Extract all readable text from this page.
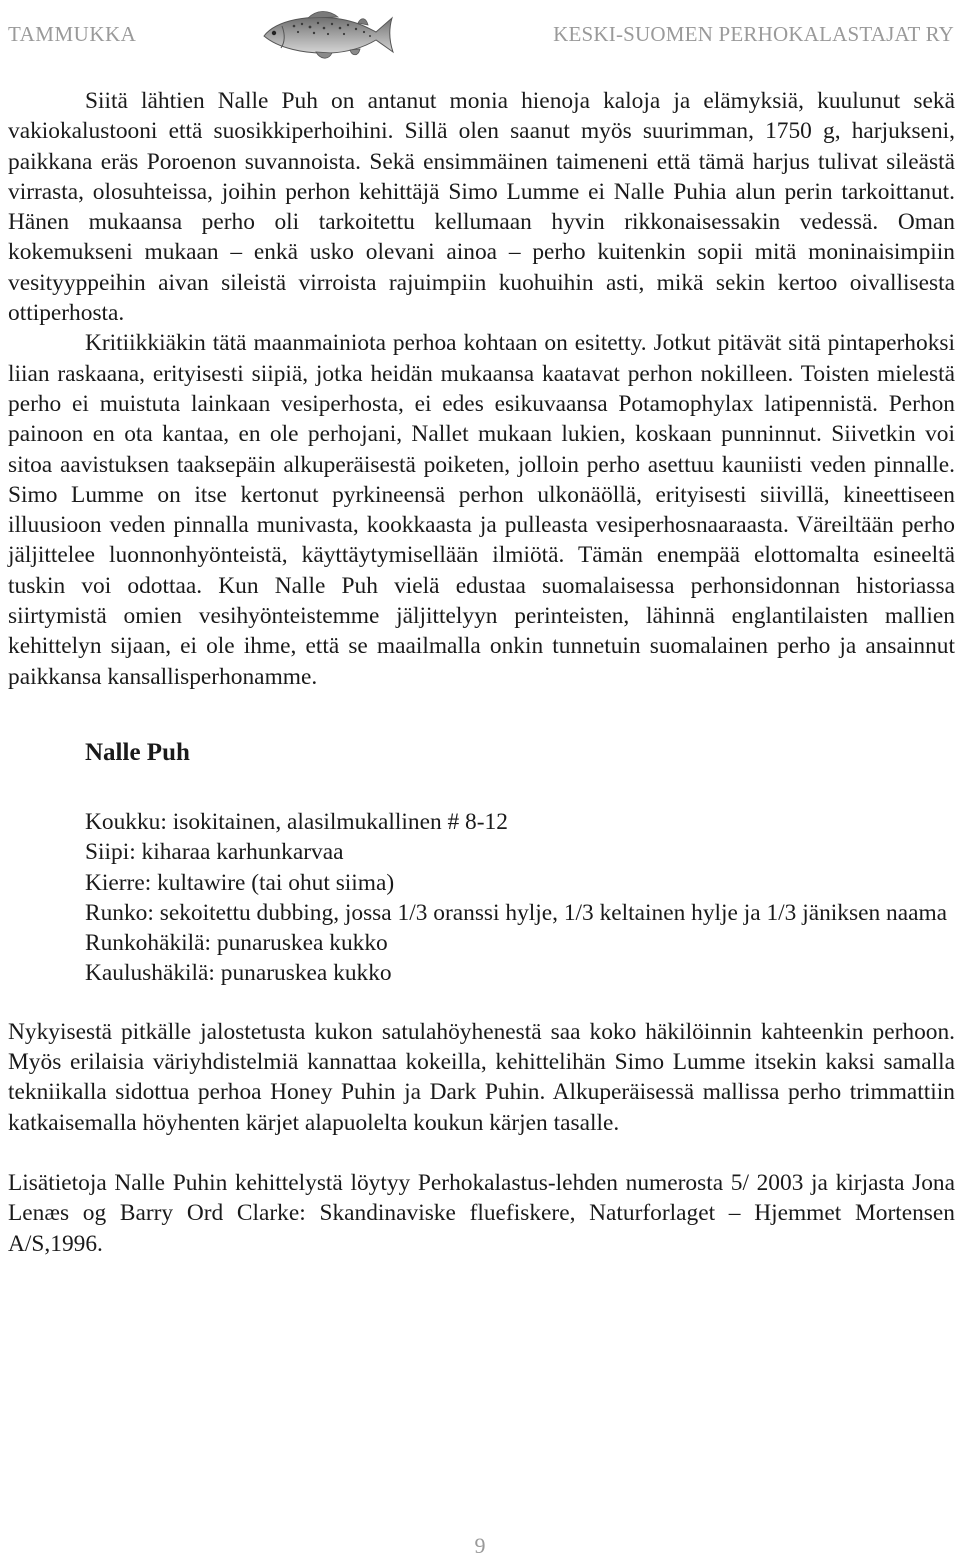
TAMMUKKA	KESKI-SUOMEN PERHOKALASTAJAT RY

Siitä lähtien Nalle Puh on antanut monia hienoja kaloja ja elämyksiä, kuulunut sekä vakiokalustooni että suosikkiperhoihini. Sillä olen saanut myös suurimman, 1750 g, harjukseni, paikkana eräs Poroenon suvannoista. Sekä ensimmäinen taimeneni että tämä harjus tulivat sileästä virrasta, olosuhteissa, joihin perhon kehittäjä Simo Lumme ei Nalle Puhia alun perin tarkoittanut. Hänen mukaansa perho oli tarkoitettu kellumaan hyvin rikkonaisessakin vedessä. Oman kokemukseni mukaan – enkä usko olevani ainoa – perho kuitenkin sopii mitä moninaisimpiin vesityyppeihin aivan sileistä virroista rajuimpiin kuohuihin asti, mikä sekin kertoo oivallisesta ottiperhosta.

Kritiikkiäkin tätä maanmainiota perhoa kohtaan on esitetty. Jotkut pitävät sitä pintaperhoksi liian raskaana, erityisesti siipiä, jotka heidän mukaansa kaatavat perhon nokilleen. Toisten mielestä perho ei muistuta lainkaan vesiperhosta, ei edes esikuvaansa Potamophylax latipennistä. Perhon painoon en ota kantaa, en ole perhojani, Nallet mukaan lukien, koskaan punninnut. Siivetkin voi sitoa aavistuksen taaksepäin alkuperäisestä poiketen, jolloin perho asettuu kauniisti veden pinnalle. Simo Lumme on itse kertonut pyrkineensä perhon ulkonäöllä, erityisesti siivillä, kineettiseen illuusioon veden pinnalla munivasta, kookkaasta ja pulleasta vesiperhosnaaraasta. Väreiltään perho jäljittelee luonnonhyönteistä, käyttäytymisellään ilmiötä. Tämän enempää elottomalta esineeltä tuskin voi odottaa. Kun Nalle Puh vielä edustaa suomalaisessa perhonsidonnan historiassa siirtymistä omien vesihyönteistemme jäljittelyyn perinteisten, lähinnä englantilaisten mallien kehittelyn sijaan, ei ole ihme, että se maailmalla onkin tunnetuin suomalainen perho ja ansainnut paikkansa kansallisperhonamme.

Nalle Puh
Koukku: isokitainen, alasilmukallinen # 8-12
Siipi: kiharaa karhunkarvaa
Kierre: kultawire (tai ohut siima)
Runko: sekoitettu dubbing, jossa 1/3 oranssi hylje, 1/3 keltainen hylje ja 1/3 jäniksen naama
Runkohäkilä: punaruskea kukko
Kaulushäkilä: punaruskea kukko

Nykyisestä pitkälle jalostetusta kukon satulahöyhenestä saa koko häkilöinnin kahteenkin perhoon. Myös erilaisia väriyhdistelmiä kannattaa kokeilla, kehittelihän Simo Lumme itsekin kaksi samalla tekniikalla sidottua perhoa Honey Puhin ja Dark Puhin. Alkuperäisessä mallissa perho trimmattiin katkaisemalla höyhenten kärjet alapuolelta koukun kärjen tasalle.

Lisätietoja Nalle Puhin kehittelystä löytyy Perhokalastus-lehden numerosta 5/ 2003 ja kirjasta Jona Lenæs og Barry Ord Clarke: Skandinaviske fluefiskere, Naturforlaget – Hjemmet Mortensen A/S,1996.

9
